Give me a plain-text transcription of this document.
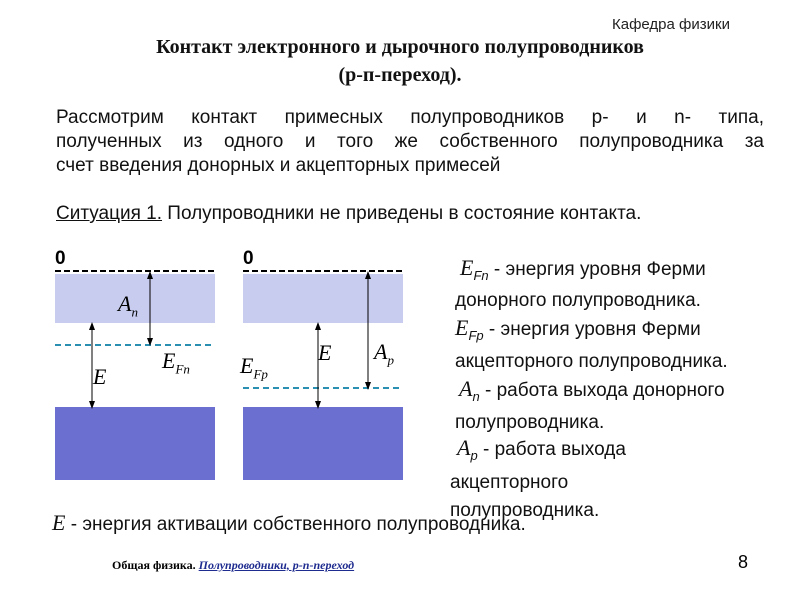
Кафедра физики
Контакт электронного и дырочного полупроводников
(р-п-переход).
Рассмотрим контакт примесных полупроводников p- и n- типа,
полученных из одного и того же собственного полупроводника за
счет введения донорных и акцепторных примесей
Ситуация 1. Полупроводники не приведены в состояние контакта.
0
$A_n$
E
$E_{Fn}$
0
$A_p$
E
$E_{Fp}$
$E_{Fn}$ - энергия уровня Ферми
донорного полупроводника.
$E_{Fp}$ - энергия уровня Ферми
акцепторного полупроводника.
$A_n$ - работа выхода донорного
полупроводника.
$A_p$ - работа выхода
акцепторного
полупроводника.
E - энергия активации собственного полупроводника.
Общая физика. Полупроводники, p-n-переход	8
